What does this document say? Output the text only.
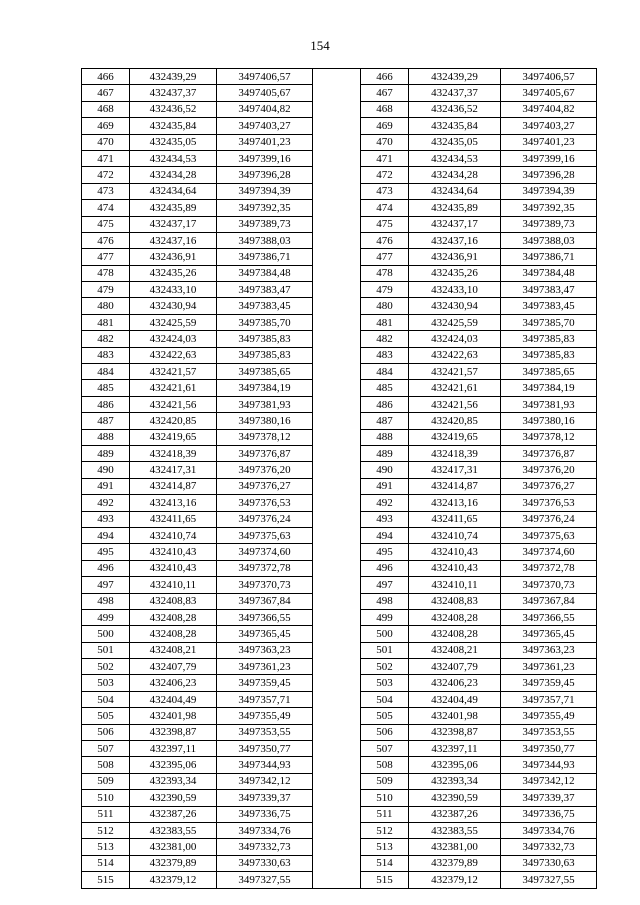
154
466	432439,29	3497406,57		466	432439,29	3497406,57
467	432437,37	3497405,67		467	432437,37	3497405,67
468	432436,52	3497404,82		468	432436,52	3497404,82
469	432435,84	3497403,27		469	432435,84	3497403,27
470	432435,05	3497401,23		470	432435,05	3497401,23
471	432434,53	3497399,16		471	432434,53	3497399,16
472	432434,28	3497396,28		472	432434,28	3497396,28
473	432434,64	3497394,39		473	432434,64	3497394,39
474	432435,89	3497392,35		474	432435,89	3497392,35
475	432437,17	3497389,73		475	432437,17	3497389,73
476	432437,16	3497388,03		476	432437,16	3497388,03
477	432436,91	3497386,71		477	432436,91	3497386,71
478	432435,26	3497384,48		478	432435,26	3497384,48
479	432433,10	3497383,47		479	432433,10	3497383,47
480	432430,94	3497383,45		480	432430,94	3497383,45
481	432425,59	3497385,70		481	432425,59	3497385,70
482	432424,03	3497385,83		482	432424,03	3497385,83
483	432422,63	3497385,83		483	432422,63	3497385,83
484	432421,57	3497385,65		484	432421,57	3497385,65
485	432421,61	3497384,19		485	432421,61	3497384,19
486	432421,56	3497381,93		486	432421,56	3497381,93
487	432420,85	3497380,16		487	432420,85	3497380,16
488	432419,65	3497378,12		488	432419,65	3497378,12
489	432418,39	3497376,87		489	432418,39	3497376,87
490	432417,31	3497376,20		490	432417,31	3497376,20
491	432414,87	3497376,27		491	432414,87	3497376,27
492	432413,16	3497376,53		492	432413,16	3497376,53
493	432411,65	3497376,24		493	432411,65	3497376,24
494	432410,74	3497375,63		494	432410,74	3497375,63
495	432410,43	3497374,60		495	432410,43	3497374,60
496	432410,43	3497372,78		496	432410,43	3497372,78
497	432410,11	3497370,73		497	432410,11	3497370,73
498	432408,83	3497367,84		498	432408,83	3497367,84
499	432408,28	3497366,55		499	432408,28	3497366,55
500	432408,28	3497365,45		500	432408,28	3497365,45
501	432408,21	3497363,23		501	432408,21	3497363,23
502	432407,79	3497361,23		502	432407,79	3497361,23
503	432406,23	3497359,45		503	432406,23	3497359,45
504	432404,49	3497357,71		504	432404,49	3497357,71
505	432401,98	3497355,49		505	432401,98	3497355,49
506	432398,87	3497353,55		506	432398,87	3497353,55
507	432397,11	3497350,77		507	432397,11	3497350,77
508	432395,06	3497344,93		508	432395,06	3497344,93
509	432393,34	3497342,12		509	432393,34	3497342,12
510	432390,59	3497339,37		510	432390,59	3497339,37
511	432387,26	3497336,75		511	432387,26	3497336,75
512	432383,55	3497334,76		512	432383,55	3497334,76
513	432381,00	3497332,73		513	432381,00	3497332,73
514	432379,89	3497330,63		514	432379,89	3497330,63
515	432379,12	3497327,55		515	432379,12	3497327,55
